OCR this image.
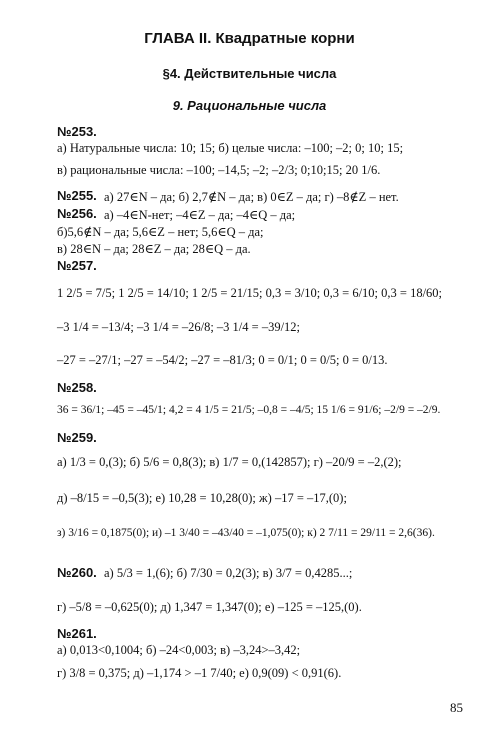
ГЛАВА II. Квадратные корни
§4. Действительные числа
9. Рациональные числа
№253.
а) Натуральные числа: 10; 15; б) целые числа: –100; –2; 0; 10; 15;
в) рациональные числа: –100; –14,5; –2; –2/3; 0;10;15; 20 1/6.
№255. а) 27∈N – да; б) 2,7∉N – да; в) 0∈Z – да; г) –8∉Z – нет.
№256. а) –4∈N-нет; –4∈Z – да; –4∈Q – да;
б)5,6∉N – да; 5,6∈Z – нет; 5,6∈Q – да;
в) 28∈N – да; 28∈Z – да; 28∈Q – да.
№257.
1 2/5 = 7/5; 1 2/5 = 14/10; 1 2/5 = 21/15; 0,3 = 3/10; 0,3 = 6/10; 0,3 = 18/60;
–3 1/4 = –13/4; –3 1/4 = –26/8; –3 1/4 = –39/12;
–27 = –27/1; –27 = –54/2; –27 = –81/3; 0 = 0/1; 0 = 0/5; 0 = 0/13.
№258.
36 = 36/1; –45 = –45/1; 4,2 = 4 1/5 = 21/5; –0,8 = –4/5; 15 1/6 = 91/6; –2/9 = –2/9.
№259.
а) 1/3 = 0,(3); б) 5/6 = 0,8(3); в) 1/7 = 0,(142857); г) –20/9 = –2,(2);
д) –8/15 = –0,5(3); е) 10,28 = 10,28(0); ж) –17 = –17,(0);
з) 3/16 = 0,1875(0); и) –1 3/40 = –43/40 = –1,075(0); к) 2 7/11 = 29/11 = 2,6(36).
№260. а) 5/3 = 1,(6); б) 7/30 = 0,2(3); в) 3/7 = 0,4285...;
г) –5/8 = –0,625(0); д) 1,347 = 1,347(0); е) –125 = –125,(0).
№261.
а) 0,013<0,1004; б) –24<0,003; в) –3,24>–3,42;
г) 3/8 = 0,375; д) –1,174 > –1 7/40; е) 0,9(09) < 0,91(6).
85
